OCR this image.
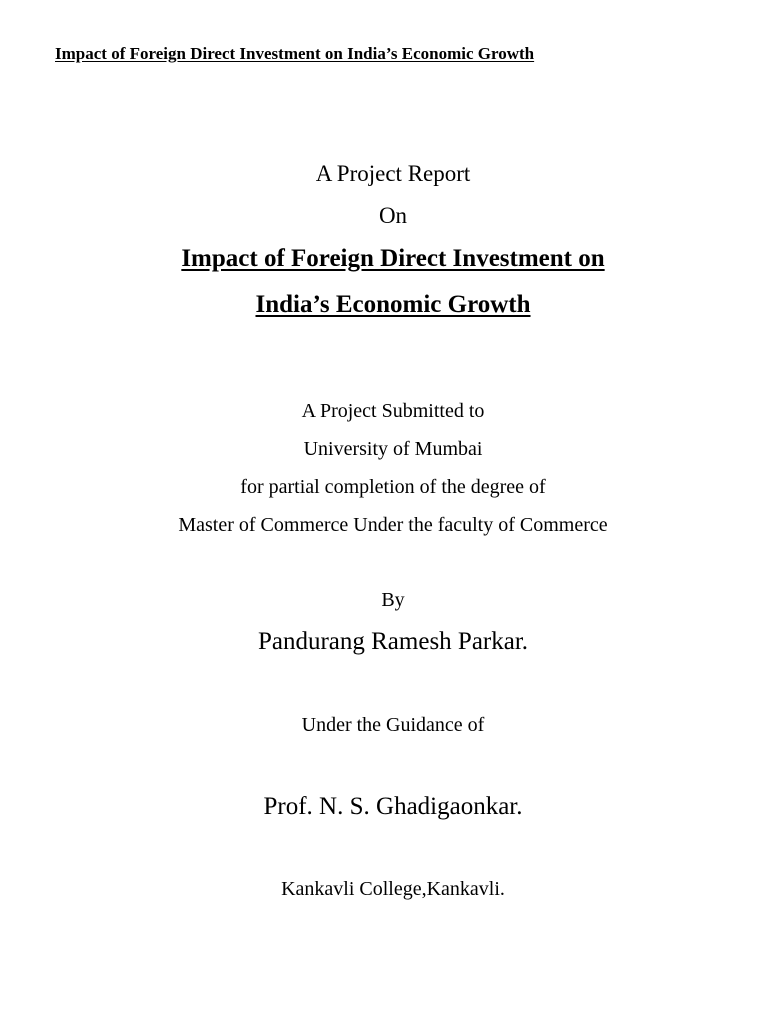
Impact of Foreign Direct Investment on India’s Economic Growth
A Project Report
On
Impact of Foreign Direct Investment on
India’s Economic Growth
A Project Submitted to
University of Mumbai
for partial completion of the degree of
Master of Commerce Under the faculty of Commerce
By
Pandurang Ramesh Parkar.
Under the Guidance of
Prof. N. S. Ghadigaonkar.
Kankavli College,Kankavli.
